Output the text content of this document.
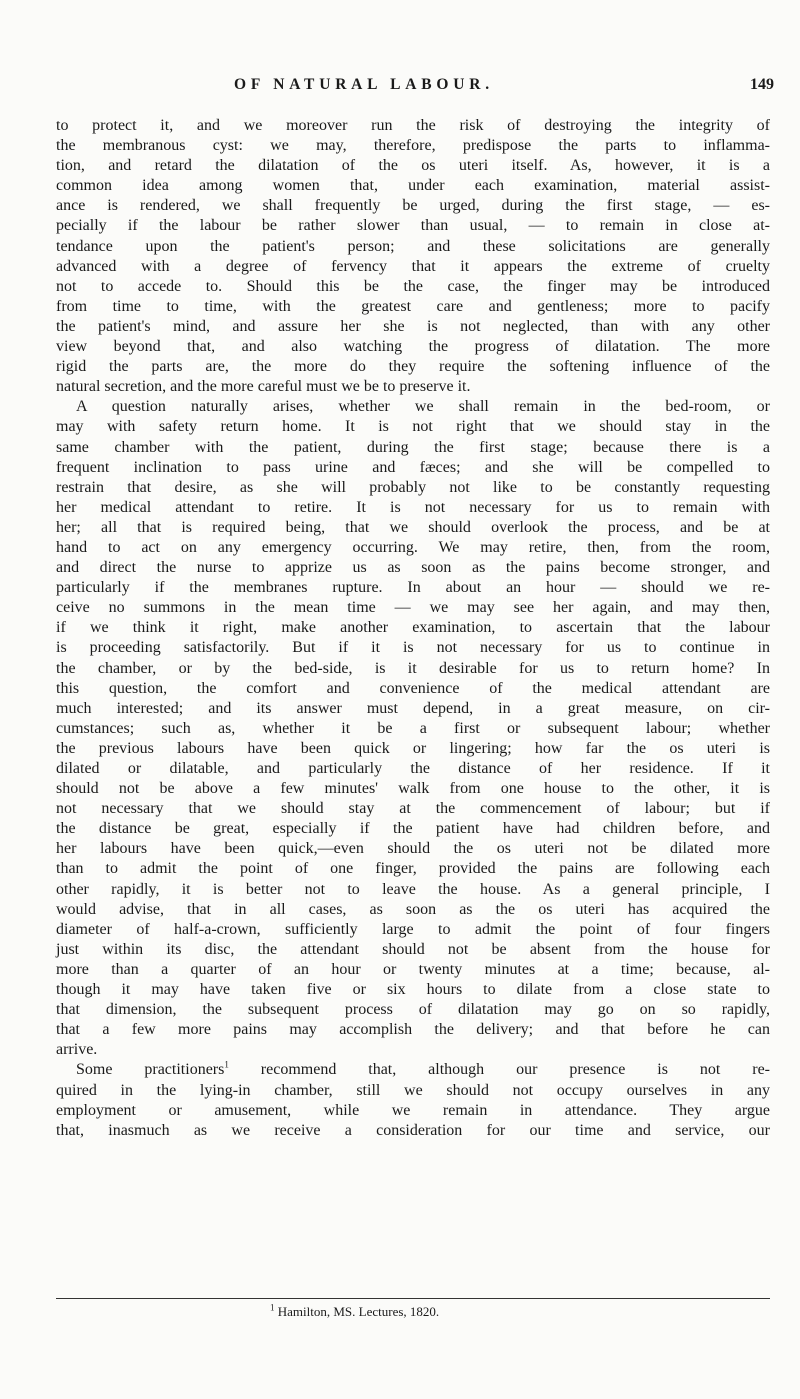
OF NATURAL LABOUR.	149
to protect it, and we moreover run the risk of destroying the integrity of
the membranous cyst: we may, therefore, predispose the parts to inflamma-
tion, and retard the dilatation of the os uteri itself. As, however, it is a
common idea among women that, under each examination, material assist-
ance is rendered, we shall frequently be urged, during the first stage, — es-
pecially if the labour be rather slower than usual, — to remain in close at-
tendance upon the patient's person; and these solicitations are generally
advanced with a degree of fervency that it appears the extreme of cruelty
not to accede to. Should this be the case, the finger may be introduced
from time to time, with the greatest care and gentleness; more to pacify
the patient's mind, and assure her she is not neglected, than with any other
view beyond that, and also watching the progress of dilatation. The more
rigid the parts are, the more do they require the softening influence of the
natural secretion, and the more careful must we be to preserve it.
A question naturally arises, whether we shall remain in the bed-room, or
may with safety return home. It is not right that we should stay in the
same chamber with the patient, during the first stage; because there is a
frequent inclination to pass urine and fæces; and she will be compelled to
restrain that desire, as she will probably not like to be constantly requesting
her medical attendant to retire. It is not necessary for us to remain with
her; all that is required being, that we should overlook the process, and be at
hand to act on any emergency occurring. We may retire, then, from the room,
and direct the nurse to apprize us as soon as the pains become stronger, and
particularly if the membranes rupture. In about an hour — should we re-
ceive no summons in the mean time — we may see her again, and may then,
if we think it right, make another examination, to ascertain that the labour
is proceeding satisfactorily. But if it is not necessary for us to continue in
the chamber, or by the bed-side, is it desirable for us to return home? In
this question, the comfort and convenience of the medical attendant are
much interested; and its answer must depend, in a great measure, on cir-
cumstances; such as, whether it be a first or subsequent labour; whether
the previous labours have been quick or lingering; how far the os uteri is
dilated or dilatable, and particularly the distance of her residence. If it
should not be above a few minutes' walk from one house to the other, it is
not necessary that we should stay at the commencement of labour; but if
the distance be great, especially if the patient have had children before, and
her labours have been quick,—even should the os uteri not be dilated more
than to admit the point of one finger, provided the pains are following each
other rapidly, it is better not to leave the house. As a general principle, I
would advise, that in all cases, as soon as the os uteri has acquired the
diameter of half-a-crown, sufficiently large to admit the point of four fingers
just within its disc, the attendant should not be absent from the house for
more than a quarter of an hour or twenty minutes at a time; because, al-
though it may have taken five or six hours to dilate from a close state to
that dimension, the subsequent process of dilatation may go on so rapidly,
that a few more pains may accomplish the delivery; and that before he can
arrive.
Some practitioners$^1$ recommend that, although our presence is not re-
quired in the lying-in chamber, still we should not occupy ourselves in any
employment or amusement, while we remain in attendance. They argue
that, inasmuch as we receive a consideration for our time and service, our
$^1$ Hamilton, MS. Lectures, 1820.
